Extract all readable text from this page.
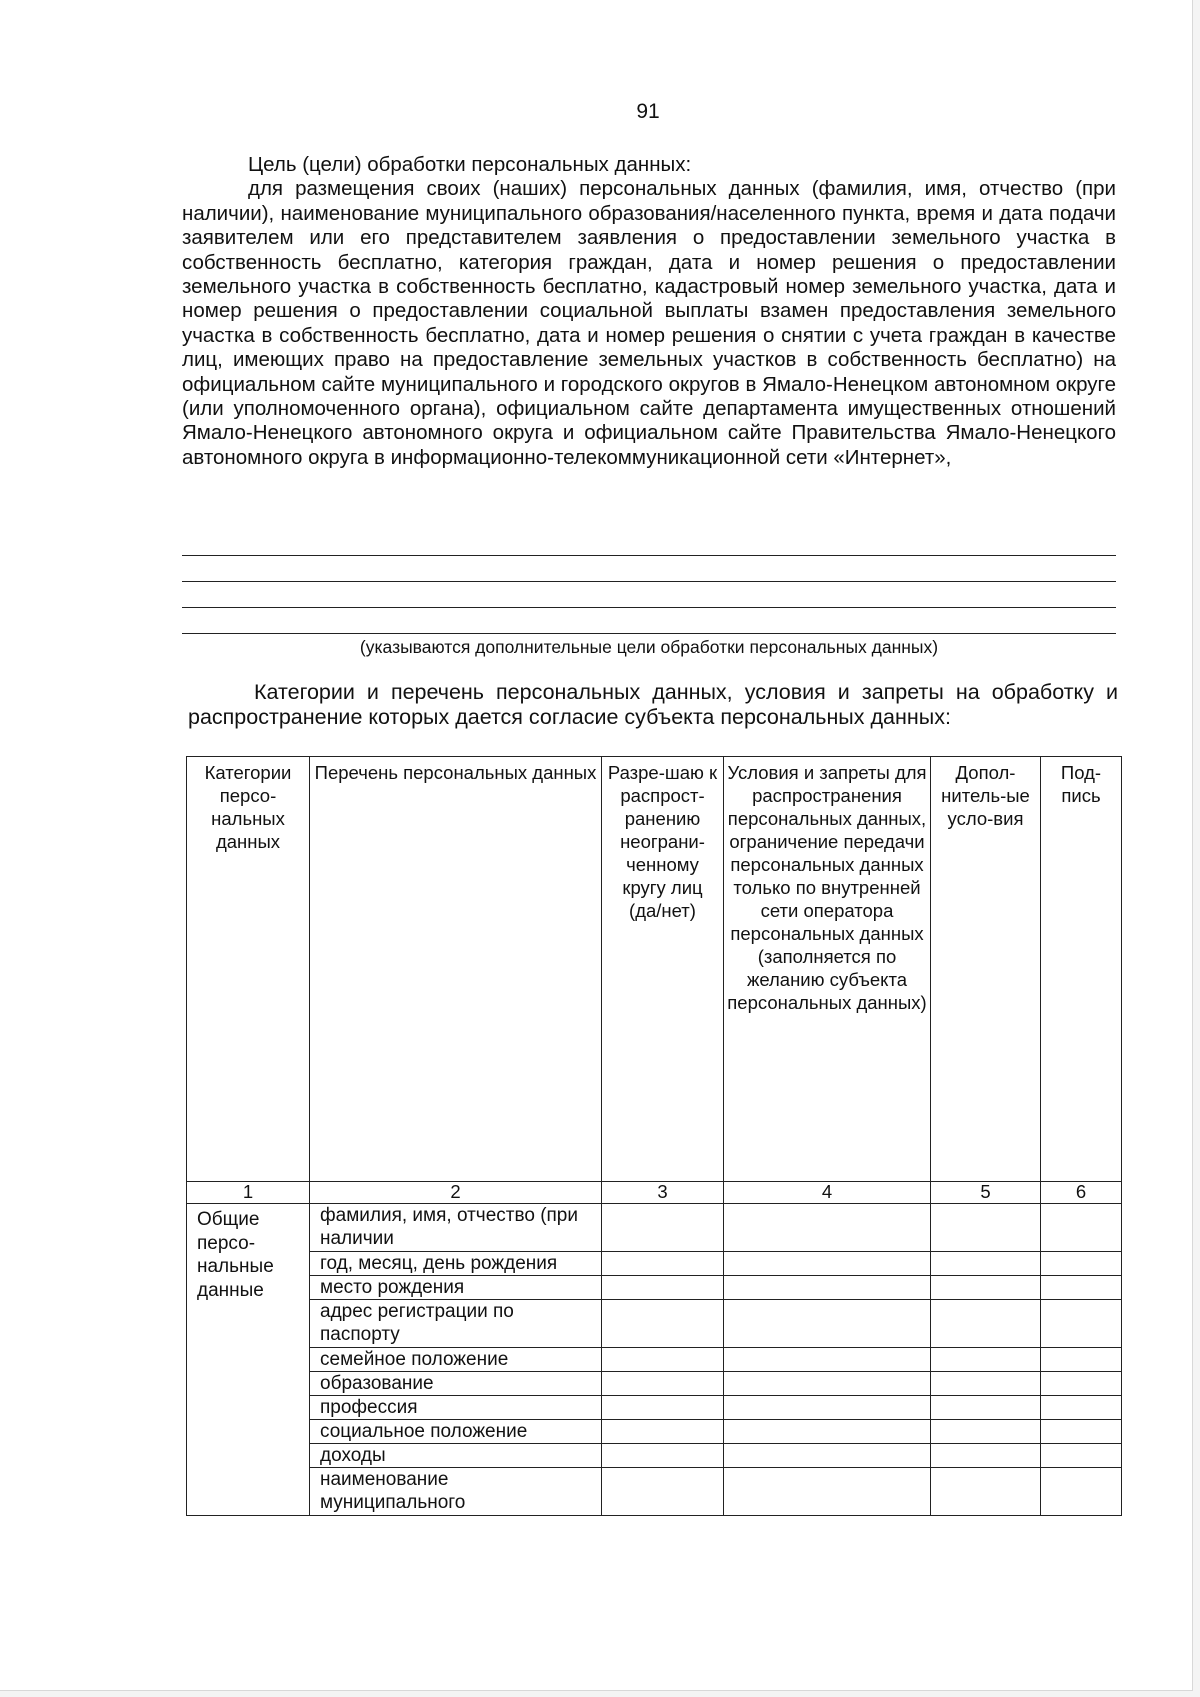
91

Цель (цели) обработки персональных данных:

для размещения своих (наших) персональных данных (фамилия, имя, отчество (при наличии), наименование муниципального образования/населенного пункта, время и дата подачи заявителем или его представителем заявления о предоставлении земельного участка в собственность бесплатно, категория граждан, дата и номер решения о предоставлении земельного участка в собственность бесплатно, кадастровый номер земельного участка, дата и номер решения о предоставлении социальной выплаты взамен предоставления земельного участка в собственность бесплатно, дата и номер решения о снятии с учета граждан в качестве лиц, имеющих право на предоставление земельных участков в собственность бесплатно) на официальном сайте муниципального и городского округов в Ямало-Ненецком автономном округе (или уполномоченного органа), официальном сайте департамента имущественных отношений Ямало-Ненецкого автономного округа и официальном сайте Правительства Ямало-Ненецкого автономного округа в информационно-телекоммуникационной сети «Интернет»,

(указываются дополнительные цели обработки персональных данных)

Категории и перечень персональных данных, условия и запреты на обработку и распространение которых дается согласие субъекта персональных данных:

Категории персо-нальных данных	Перечень персональных данных	Разре-шаю к распрост-ранению неограни-ченному кругу лиц (да/нет)	Условия и запреты для распространения персональных данных, ограничение передачи персональных данных только по внутренней сети оператора персональных данных (заполняется по желанию субъекта персональных данных)	Допол-нитель-ые усло-вия	Под-пись
1	2	3	4	5	6
Общие персо-нальные данные	фамилия, имя, отчество (при наличии				
	год, месяц, день рождения				
	место рождения				
	адрес регистрации по паспорту				
	семейное положение				
	образование				
	профессия				
	социальное положение				
	доходы				
	наименование муниципального				
